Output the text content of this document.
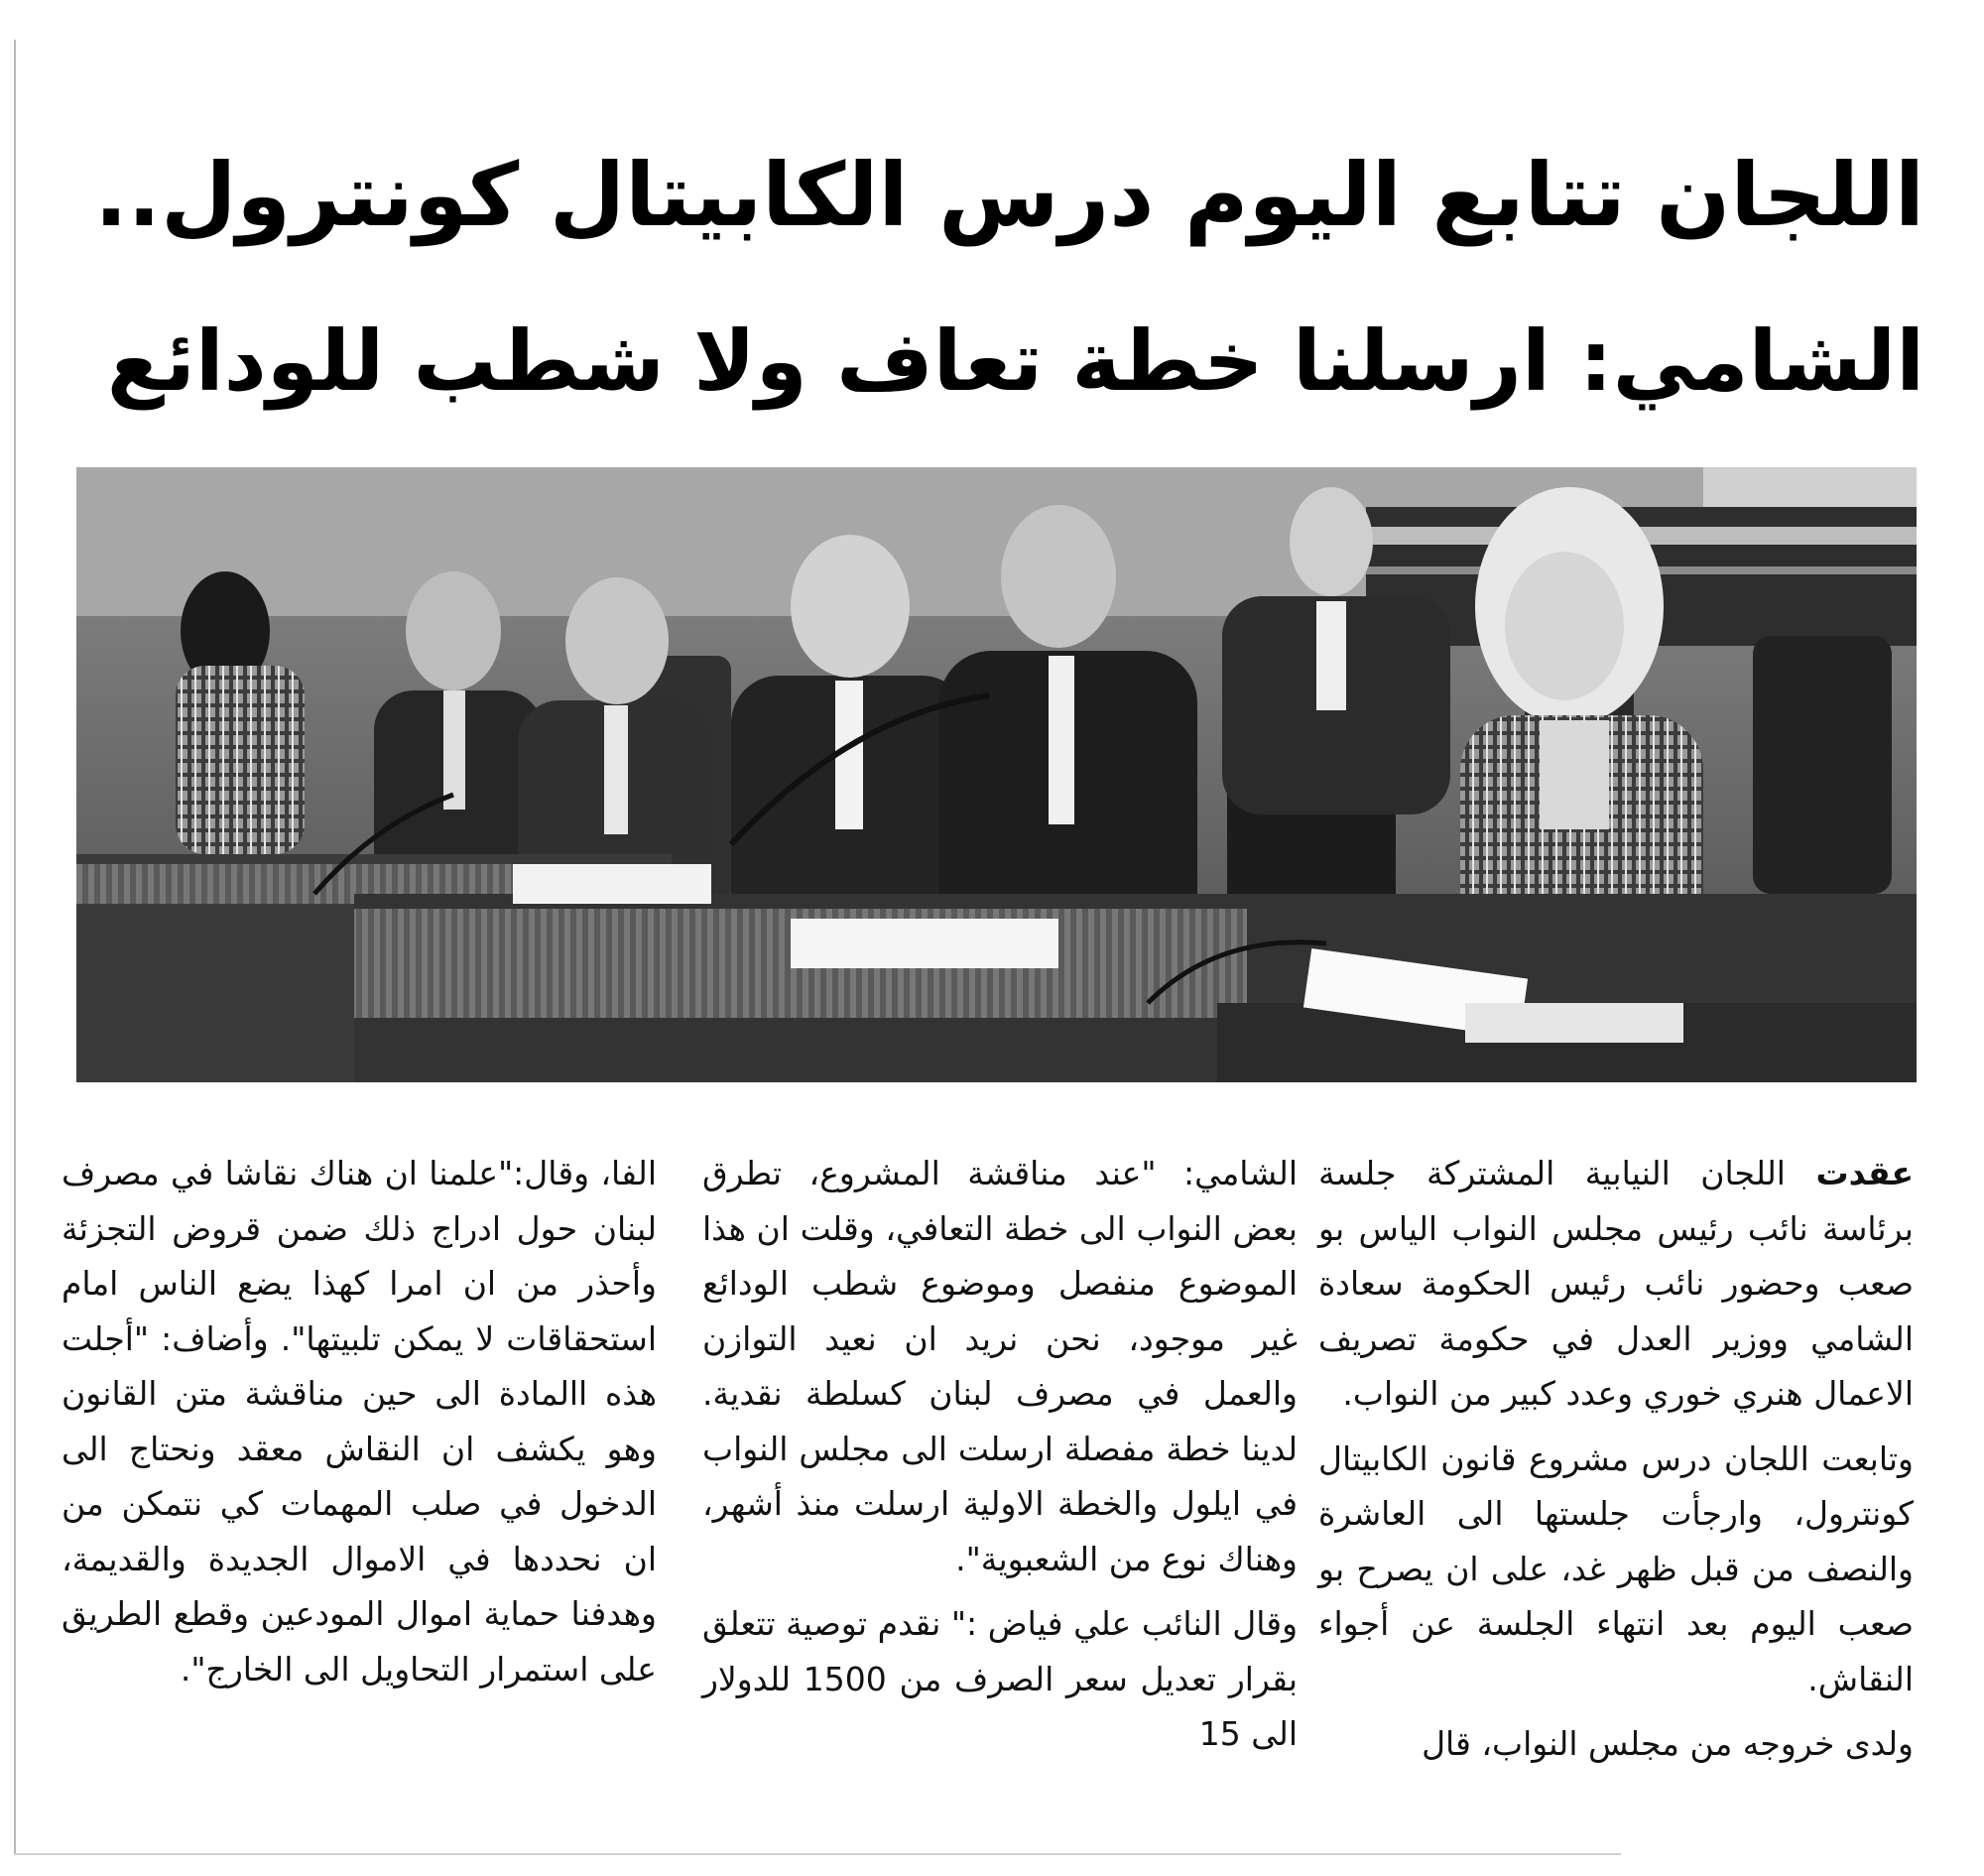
اللجان تتابع اليوم درس الكابيتال كونترول..
الشامي: ارسلنا خطة تعاف ولا شطب للودائع

عقدت اللجان النيابية المشتركة جلسة برئاسة نائب رئيس مجلس النواب الياس بو صعب وحضور نائب رئيس الحكومة سعادة الشامي ووزير العدل في حكومة تصريف الاعمال هنري خوري وعدد كبير من النواب.

وتابعت اللجان درس مشروع قانون الكابيتال كونترول، وارجأت جلستها الى العاشرة والنصف من قبل ظهر غد، على ان يصرح بو صعب اليوم بعد انتهاء الجلسة عن أجواء النقاش.

ولدى خروجه من مجلس النواب، قال

الشامي: "عند مناقشة المشروع، تطرق بعض النواب الى خطة التعافي، وقلت ان هذا الموضوع منفصل وموضوع شطب الودائع غير موجود، نحن نريد ان نعيد التوازن والعمل في مصرف لبنان كسلطة نقدية. لدينا خطة مفصلة ارسلت الى مجلس النواب في ايلول والخطة الاولية ارسلت منذ أشهر، وهناك نوع من الشعبوية".

وقال النائب علي فياض :" نقدم توصية تتعلق بقرار تعديل سعر الصرف من 1500 للدولار الى 15

الفا، وقال:"علمنا ان هناك نقاشا في مصرف لبنان حول ادراج ذلك ضمن قروض التجزئة وأحذر من ان امرا كهذا يضع الناس امام استحقاقات لا يمكن تلبيتها". وأضاف: "أجلت هذه االمادة الى حين مناقشة متن القانون وهو يكشف ان النقاش معقد ونحتاج الى الدخول في صلب المهمات كي نتمكن من ان نحددها في الاموال الجديدة والقديمة، وهدفنا حماية اموال المودعين وقطع الطريق على استمرار التحاويل الى الخارج".
